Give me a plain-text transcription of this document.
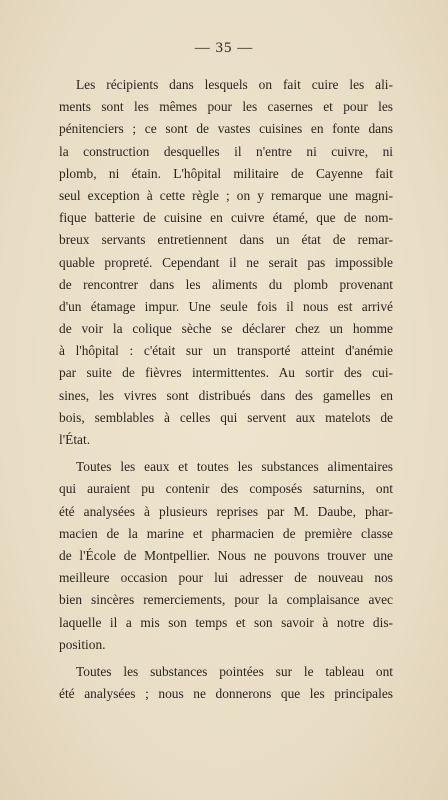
— 35 —
Les récipients dans lesquels on fait cuire les ali-
ments sont les mêmes pour les casernes et pour les
pénitenciers ; ce sont de vastes cuisines en fonte dans
la construction desquelles il n'entre ni cuivre, ni
plomb, ni étain. L'hôpital militaire de Cayenne fait
seul exception à cette règle ; on y remarque une magni-
fique batterie de cuisine en cuivre étamé, que de nom-
breux servants entretiennent dans un état de remar-
quable propreté. Cependant il ne serait pas impossible
de rencontrer dans les aliments du plomb provenant
d'un étamage impur. Une seule fois il nous est arrivé
de voir la colique sèche se déclarer chez un homme
à l'hôpital : c'était sur un transporté atteint d'anémie
par suite de fièvres intermittentes. Au sortir des cui-
sines, les vivres sont distribués dans des gamelles en
bois, semblables à celles qui servent aux matelots de
l'État.
Toutes les eaux et toutes les substances alimentaires
qui auraient pu contenir des composés saturnins, ont
été analysées à plusieurs reprises par M. Daube, phar-
macien de la marine et pharmacien de première classe
de l'École de Montpellier. Nous ne pouvons trouver une
meilleure occasion pour lui adresser de nouveau nos
bien sincères remerciements, pour la complaisance avec
laquelle il a mis son temps et son savoir à notre dis-
position.
Toutes les substances pointées sur le tableau ont
été analysées ; nous ne donnerons que les principales
